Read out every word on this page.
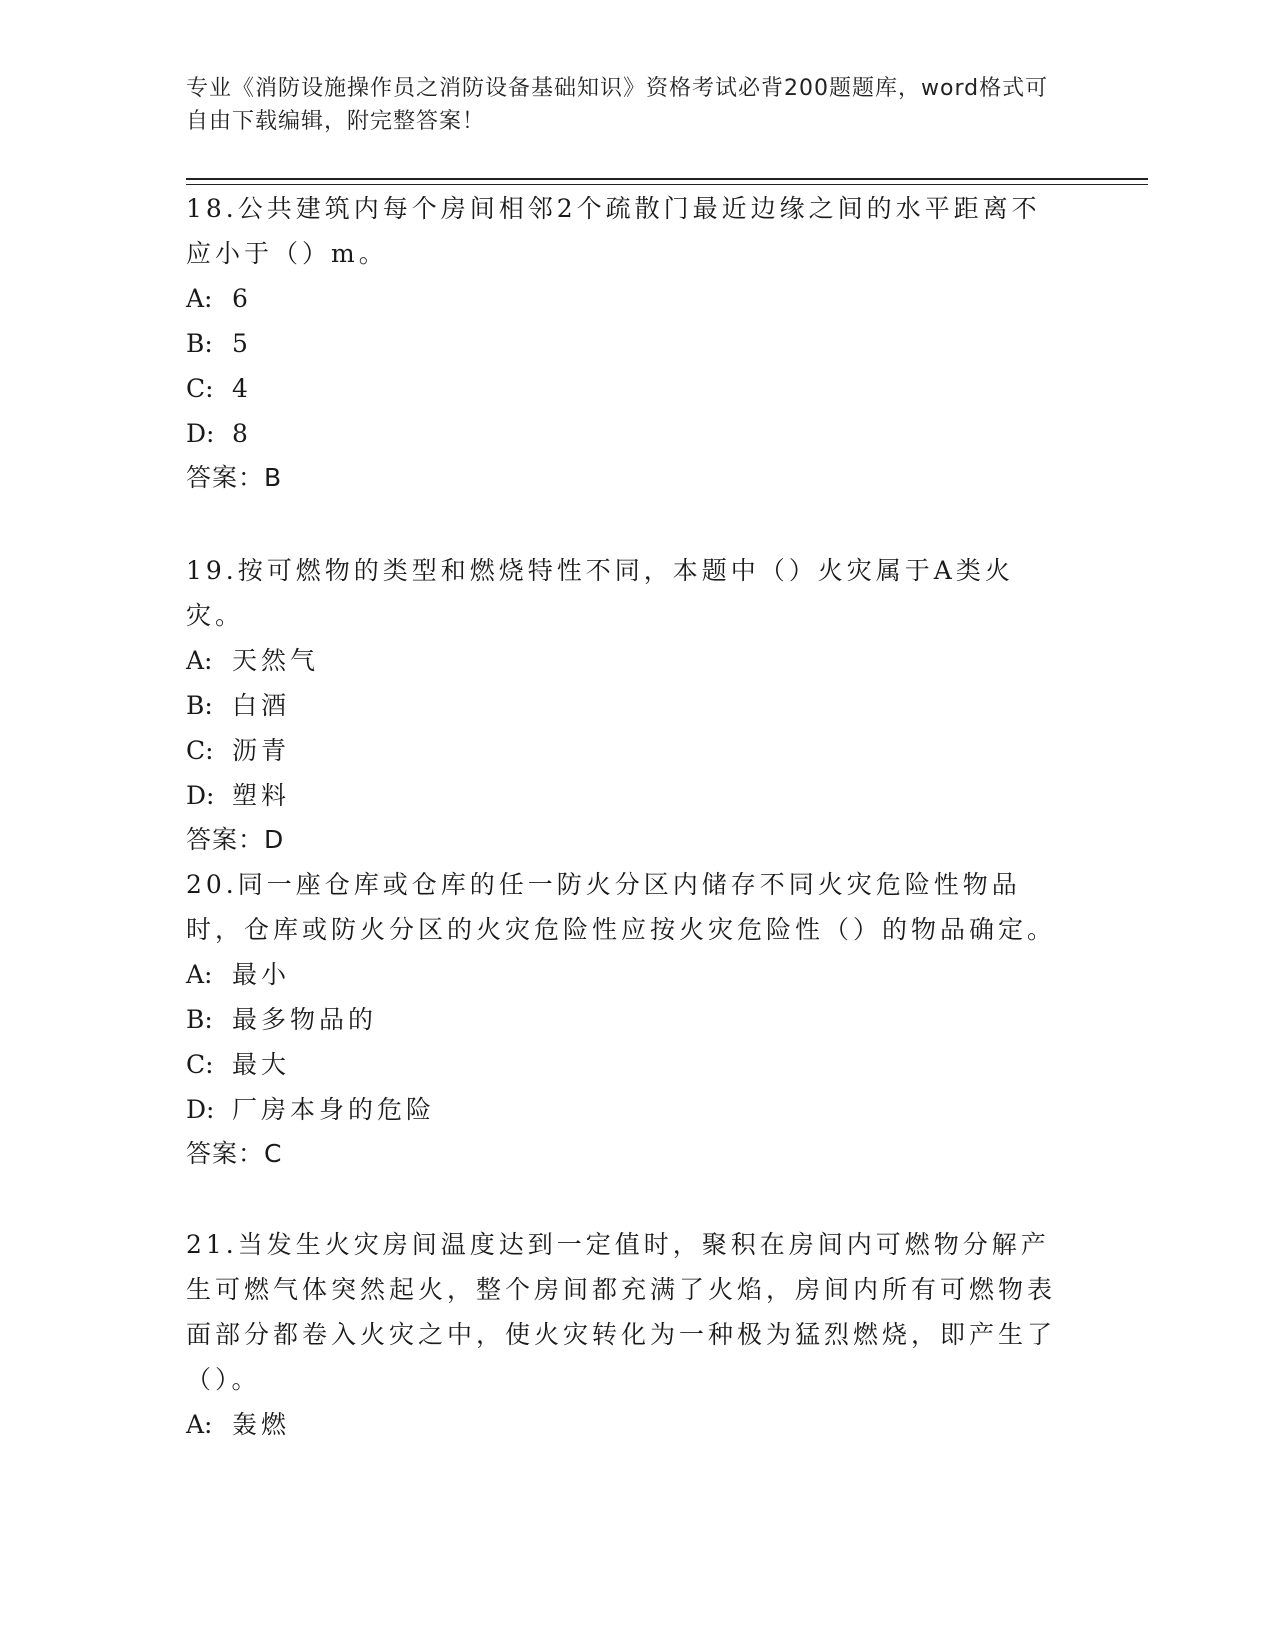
专业《消防设施操作员之消防设备基础知识》资格考试必背200题题库，word格式可自由下载编辑，附完整答案！

18.公共建筑内每个房间相邻2个疏散门最近边缘之间的水平距离不应小于（）m。

A: 6

B: 5

C: 4

D: 8

答案：B

19.按可燃物的类型和燃烧特性不同，本题中（）火灾属于A类火灾。

A: 天然气

B: 白酒

C: 沥青

D: 塑料

答案：D

20.同一座仓库或仓库的任一防火分区内储存不同火灾危险性物品时，仓库或防火分区的火灾危险性应按火灾危险性（）的物品确定。

A: 最小

B: 最多物品的

C: 最大

D: 厂房本身的危险

答案：C

21.当发生火灾房间温度达到一定值时，聚积在房间内可燃物分解产生可燃气体突然起火，整个房间都充满了火焰，房间内所有可燃物表面部分都卷入火灾之中，使火灾转化为一种极为猛烈燃烧，即产生了（）。

A: 轰燃
